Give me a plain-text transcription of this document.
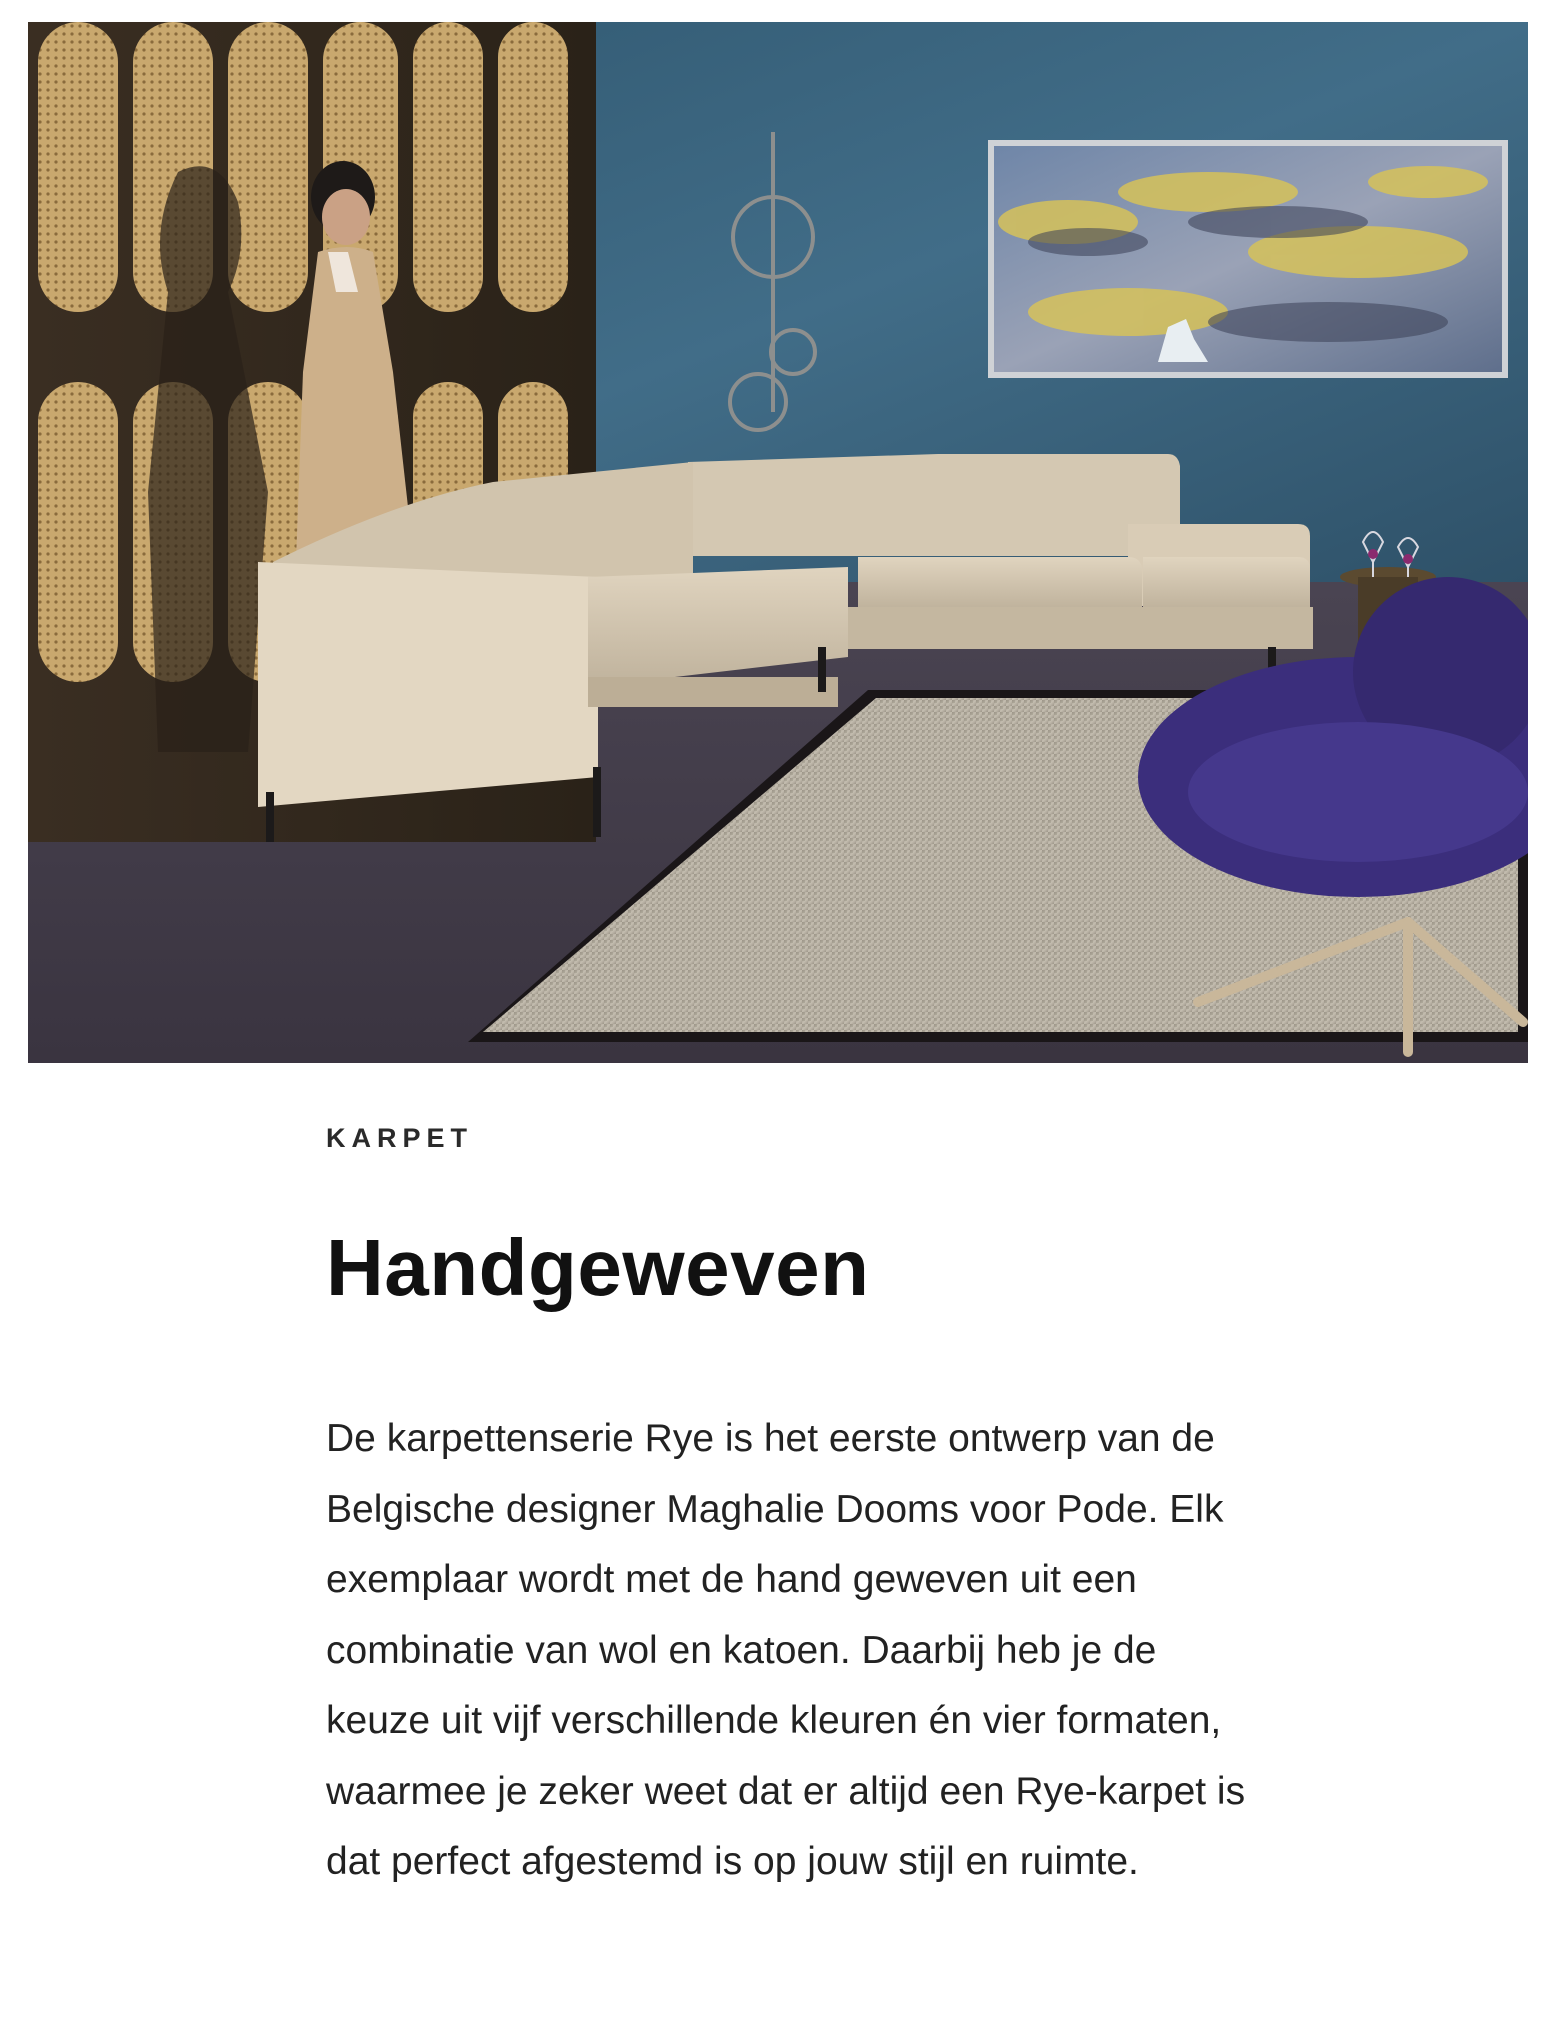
KARPET

Handgeweven

De karpettenserie Rye is het eerste ontwerp van de Belgische designer Maghalie Dooms voor Pode. Elk exemplaar wordt met de hand geweven uit een combinatie van wol en katoen. Daarbij heb je de keuze uit vijf verschillende kleuren én vier formaten, waarmee je zeker weet dat er altijd een Rye-karpet is dat perfect afgestemd is op jouw stijl en ruimte.
